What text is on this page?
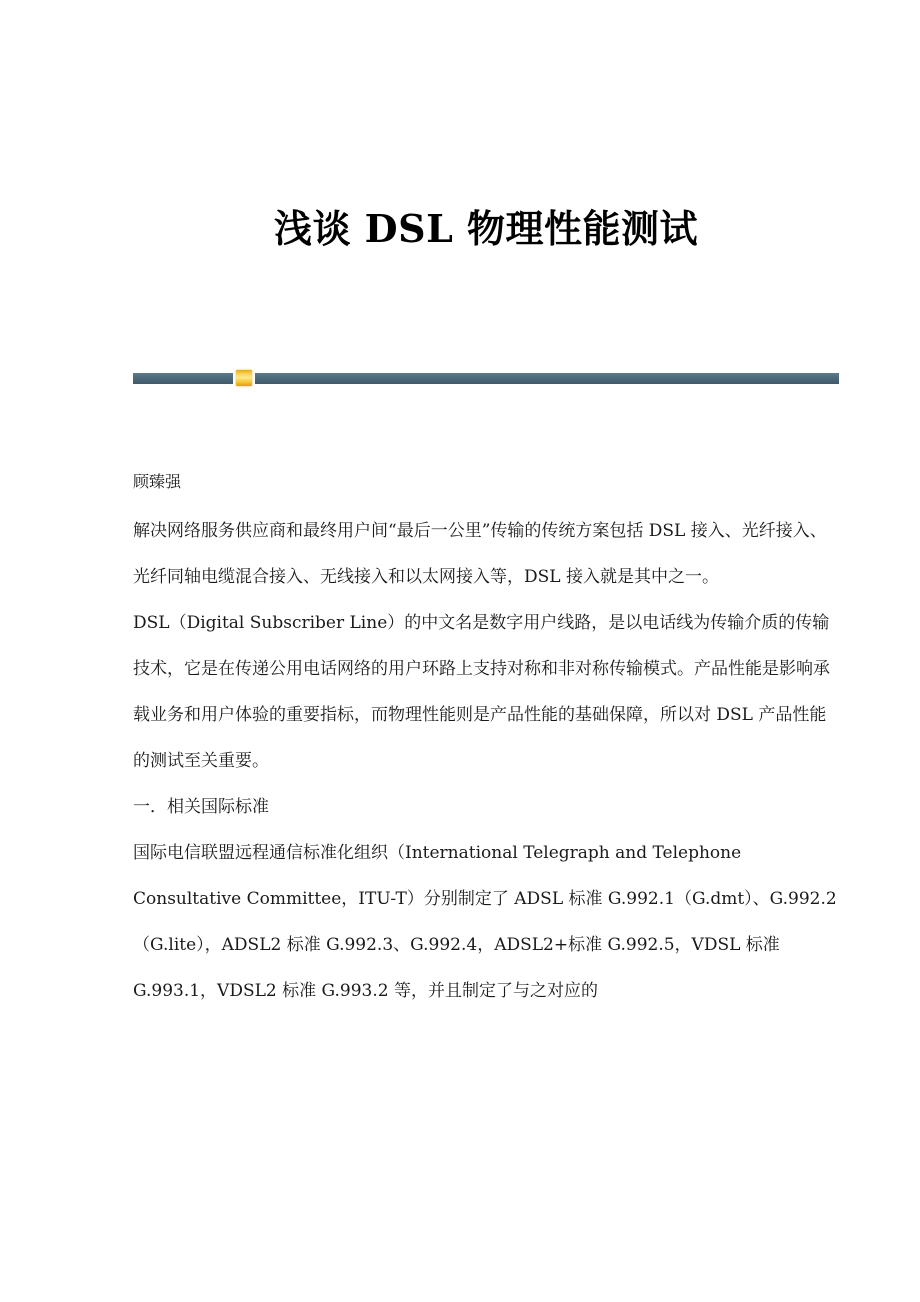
浅谈 DSL 物理性能测试

顾臻强

解决网络服务供应商和最终用户间“最后一公里”传输的传统方案包括 DSL 接入、光纤接入、光纤同轴电缆混合接入、无线接入和以太网接入等，DSL 接入就是其中之一。

DSL（Digital Subscriber Line）的中文名是数字用户线路，是以电话线为传输介质的传输技术，它是在传递公用电话网络的用户环路上支持对称和非对称传输模式。产品性能是影响承载业务和用户体验的重要指标，而物理性能则是产品性能的基础保障，所以对 DSL 产品性能的测试至关重要。

一．相关国际标准

国际电信联盟远程通信标准化组织（International Telegraph and Telephone Consultative Committee，ITU-T）分别制定了 ADSL 标准 G.992.1（G.dmt）、G.992.2（G.lite），ADSL2 标准 G.992.3、G.992.4，ADSL2+标准 G.992.5，VDSL 标准 G.993.1，VDSL2 标准 G.993.2 等，并且制定了与之对应的
